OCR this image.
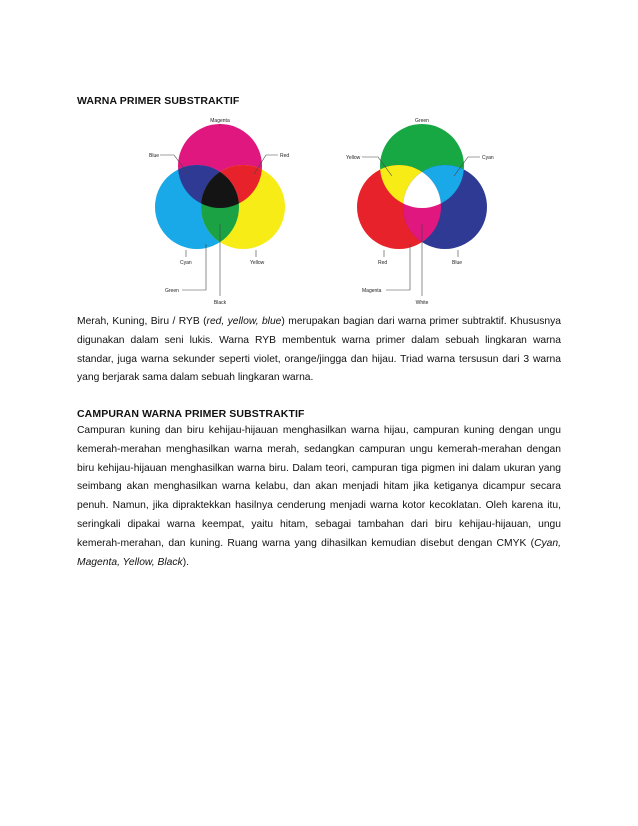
WARNA PRIMER SUBSTRAKTIF
Magenta
Blue	Red
Cyan	Yellow
Green
Black
Green
Yellow	Cyan
Red	Blue
Magenta
White

Merah, Kuning, Biru / RYB (red, yellow, blue) merupakan bagian dari warna primer subtraktif. Khususnya digunakan dalam seni lukis. Warna RYB membentuk warna primer dalam sebuah lingkaran warna standar, juga warna sekunder seperti violet, orange/jingga dan hijau. Triad warna tersusun dari 3 warna yang berjarak sama dalam sebuah lingkaran warna.

CAMPURAN WARNA PRIMER SUBSTRAKTIF

Campuran kuning dan biru kehijau-hijauan menghasilkan warna hijau, campuran kuning dengan ungu kemerah-merahan menghasilkan warna merah, sedangkan campuran ungu kemerah-merahan dengan biru kehijau-hijauan menghasilkan warna biru. Dalam teori, campuran tiga pigmen ini dalam ukuran yang seimbang akan menghasilkan warna kelabu, dan akan menjadi hitam jika ketiganya dicampur secara penuh. Namun, jika dipraktekkan hasilnya cenderung menjadi warna kotor kecoklatan. Oleh karena itu, seringkali dipakai warna keempat, yaitu hitam, sebagai tambahan dari biru kehijau-hijauan, ungu kemerah-merahan, dan kuning. Ruang warna yang dihasilkan kemudian disebut dengan CMYK (Cyan, Magenta, Yellow, Black).
